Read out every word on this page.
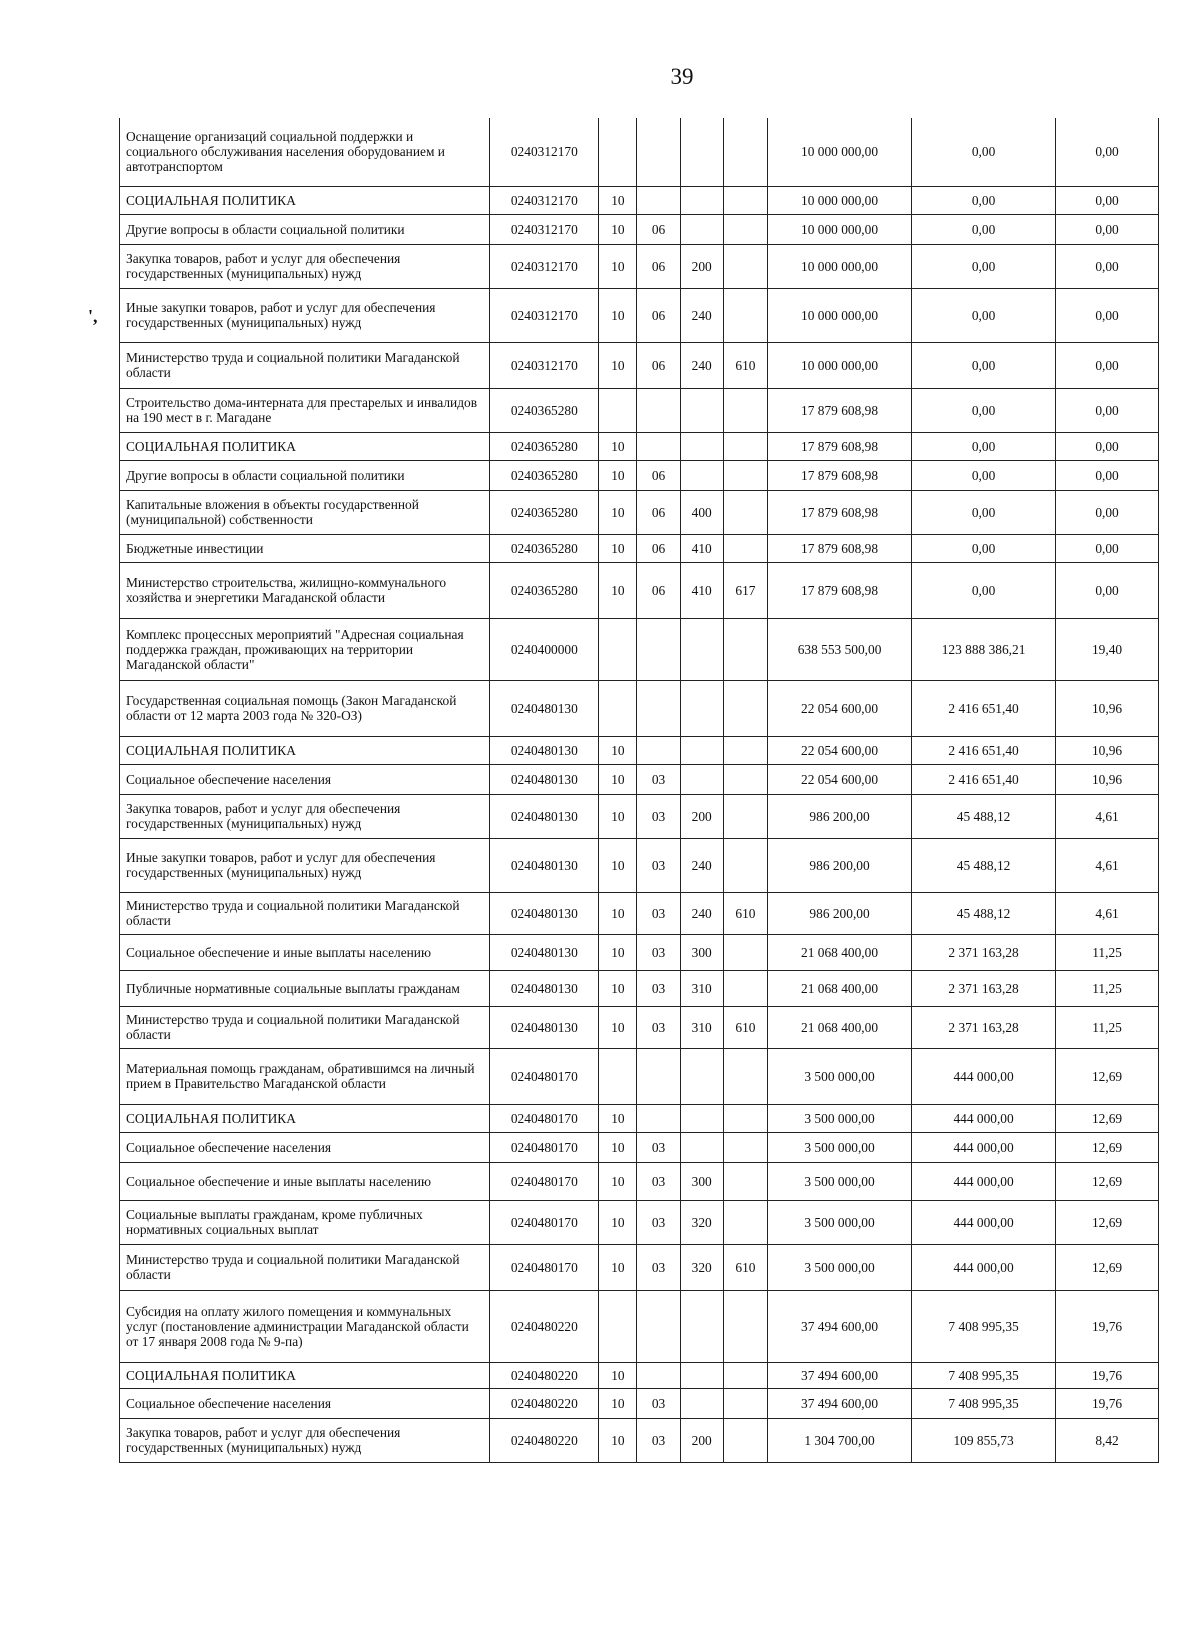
39
',
Оснащение организаций социальной поддержки и социального обслуживания населения оборудованием и автотранспортом	0240312170					10 000 000,00	0,00	0,00
СОЦИАЛЬНАЯ ПОЛИТИКА	0240312170	10				10 000 000,00	0,00	0,00
Другие вопросы в области социальной политики	0240312170	10	06			10 000 000,00	0,00	0,00
Закупка товаров, работ и услуг для обеспечения государственных (муниципальных) нужд	0240312170	10	06	200		10 000 000,00	0,00	0,00
Иные закупки товаров, работ и услуг для обеспечения государственных (муниципальных) нужд	0240312170	10	06	240		10 000 000,00	0,00	0,00
Министерство труда и социальной политики Магаданской области	0240312170	10	06	240	610	10 000 000,00	0,00	0,00
Строительство дома-интерната для престарелых и инвалидов на 190 мест в г. Магадане	0240365280					17 879 608,98	0,00	0,00
СОЦИАЛЬНАЯ ПОЛИТИКА	0240365280	10				17 879 608,98	0,00	0,00
Другие вопросы в области социальной политики	0240365280	10	06			17 879 608,98	0,00	0,00
Капитальные вложения в объекты государственной (муниципальной) собственности	0240365280	10	06	400		17 879 608,98	0,00	0,00
Бюджетные инвестиции	0240365280	10	06	410		17 879 608,98	0,00	0,00
Министерство строительства, жилищно-коммунального хозяйства и энергетики Магаданской области	0240365280	10	06	410	617	17 879 608,98	0,00	0,00
Комплекс процессных мероприятий "Адресная социальная поддержка граждан, проживающих на территории Магаданской области"	0240400000					638 553 500,00	123 888 386,21	19,40
Государственная социальная помощь (Закон Магаданской области от 12 марта 2003 года № 320-ОЗ)	0240480130					22 054 600,00	2 416 651,40	10,96
СОЦИАЛЬНАЯ ПОЛИТИКА	0240480130	10				22 054 600,00	2 416 651,40	10,96
Социальное обеспечение населения	0240480130	10	03			22 054 600,00	2 416 651,40	10,96
Закупка товаров, работ и услуг для обеспечения государственных (муниципальных) нужд	0240480130	10	03	200		986 200,00	45 488,12	4,61
Иные закупки товаров, работ и услуг для обеспечения государственных (муниципальных) нужд	0240480130	10	03	240		986 200,00	45 488,12	4,61
Министерство труда и социальной политики Магаданской области	0240480130	10	03	240	610	986 200,00	45 488,12	4,61
Социальное обеспечение и иные выплаты населению	0240480130	10	03	300		21 068 400,00	2 371 163,28	11,25
Публичные нормативные социальные выплаты гражданам	0240480130	10	03	310		21 068 400,00	2 371 163,28	11,25
Министерство труда и социальной политики Магаданской области	0240480130	10	03	310	610	21 068 400,00	2 371 163,28	11,25
Материальная помощь гражданам, обратившимся на личный прием в Правительство Магаданской области	0240480170					3 500 000,00	444 000,00	12,69
СОЦИАЛЬНАЯ ПОЛИТИКА	0240480170	10				3 500 000,00	444 000,00	12,69
Социальное обеспечение населения	0240480170	10	03			3 500 000,00	444 000,00	12,69
Социальное обеспечение и иные выплаты населению	0240480170	10	03	300		3 500 000,00	444 000,00	12,69
Социальные выплаты гражданам, кроме публичных нормативных социальных выплат	0240480170	10	03	320		3 500 000,00	444 000,00	12,69
Министерство труда и социальной политики Магаданской области	0240480170	10	03	320	610	3 500 000,00	444 000,00	12,69
Субсидия на оплату жилого помещения и коммунальных услуг (постановление администрации Магаданской области от 17 января 2008 года № 9-па)	0240480220					37 494 600,00	7 408 995,35	19,76
СОЦИАЛЬНАЯ ПОЛИТИКА	0240480220	10				37 494 600,00	7 408 995,35	19,76
Социальное обеспечение населения	0240480220	10	03			37 494 600,00	7 408 995,35	19,76
Закупка товаров, работ и услуг для обеспечения государственных (муниципальных) нужд	0240480220	10	03	200		1 304 700,00	109 855,73	8,42
